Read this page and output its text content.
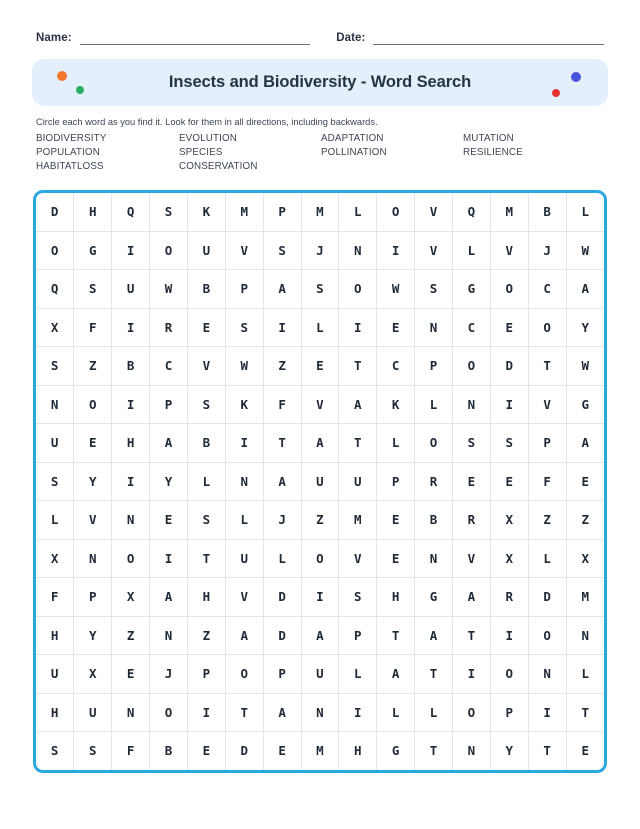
Name:	Date:
Insects and Biodiversity - Word Search
Circle each word as you find it. Look for them in all directions, including backwards.
BIODIVERSITY	EVOLUTION	ADAPTATION	MUTATION
POPULATION	SPECIES	POLLINATION	RESILIENCE
HABITATLOSS	CONSERVATION
D	H	Q	S	K	M	P	M	L	O	V	Q	M	B	L
O	G	I	O	U	V	S	J	N	I	V	L	V	J	W
Q	S	U	W	B	P	A	S	O	W	S	G	O	C	A
X	F	I	R	E	S	I	L	I	E	N	C	E	O	Y
S	Z	B	C	V	W	Z	E	T	C	P	O	D	T	W
N	O	I	P	S	K	F	V	A	K	L	N	I	V	G
U	E	H	A	B	I	T	A	T	L	O	S	S	P	A
S	Y	I	Y	L	N	A	U	U	P	R	E	E	F	E
L	V	N	E	S	L	J	Z	M	E	B	R	X	Z	Z
X	N	O	I	T	U	L	O	V	E	N	V	X	L	X
F	P	X	A	H	V	D	I	S	H	G	A	R	D	M
H	Y	Z	N	Z	A	D	A	P	T	A	T	I	O	N
U	X	E	J	P	O	P	U	L	A	T	I	O	N	L
H	U	N	O	I	T	A	N	I	L	L	O	P	I	T
S	S	F	B	E	D	E	M	H	G	T	N	Y	T	E
